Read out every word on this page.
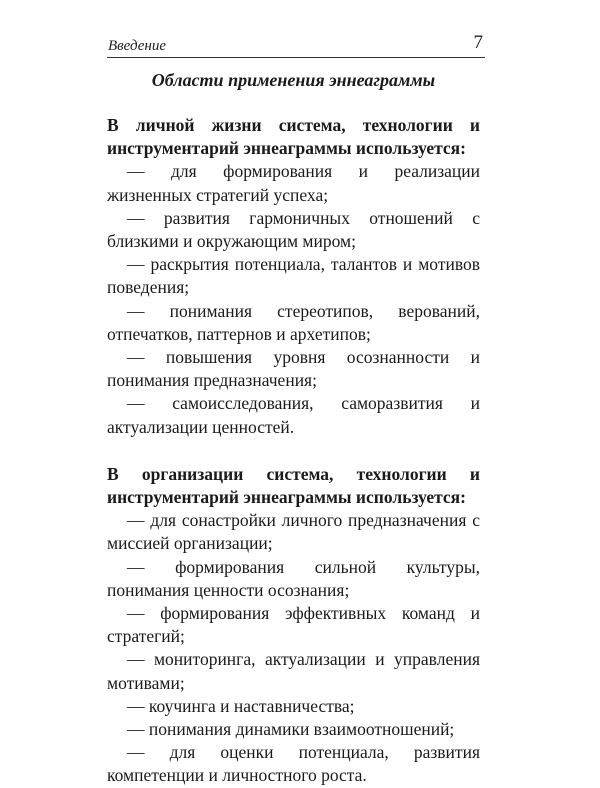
Введение	7

Области применения эннеаграммы

В личной жизни система, технологии и инструментарий эннеаграммы используется:

— для формирования и реализации жизненных стратегий успеха;

— развития гармоничных отношений с близкими и окружающим миром;

— раскрытия потенциала, талантов и мотивов поведения;

— понимания стереотипов, верований, отпечатков, паттернов и архетипов;

— повышения уровня осознанности и понимания предназначения;

— самоисследования, саморазвития и актуализации ценностей.

В организации система, технологии и инструментарий эннеаграммы используется:

— для сонастройки личного предназначения с миссией организации;

— формирования сильной культуры, понимания ценности осознания;

— формирования эффективных команд и стратегий;

— мониторинга, актуализации и управления мотивами;

— коучинга и наставничества;

— понимания динамики взаимоотношений;

— для оценки потенциала, развития компетенции и личностного роста.
